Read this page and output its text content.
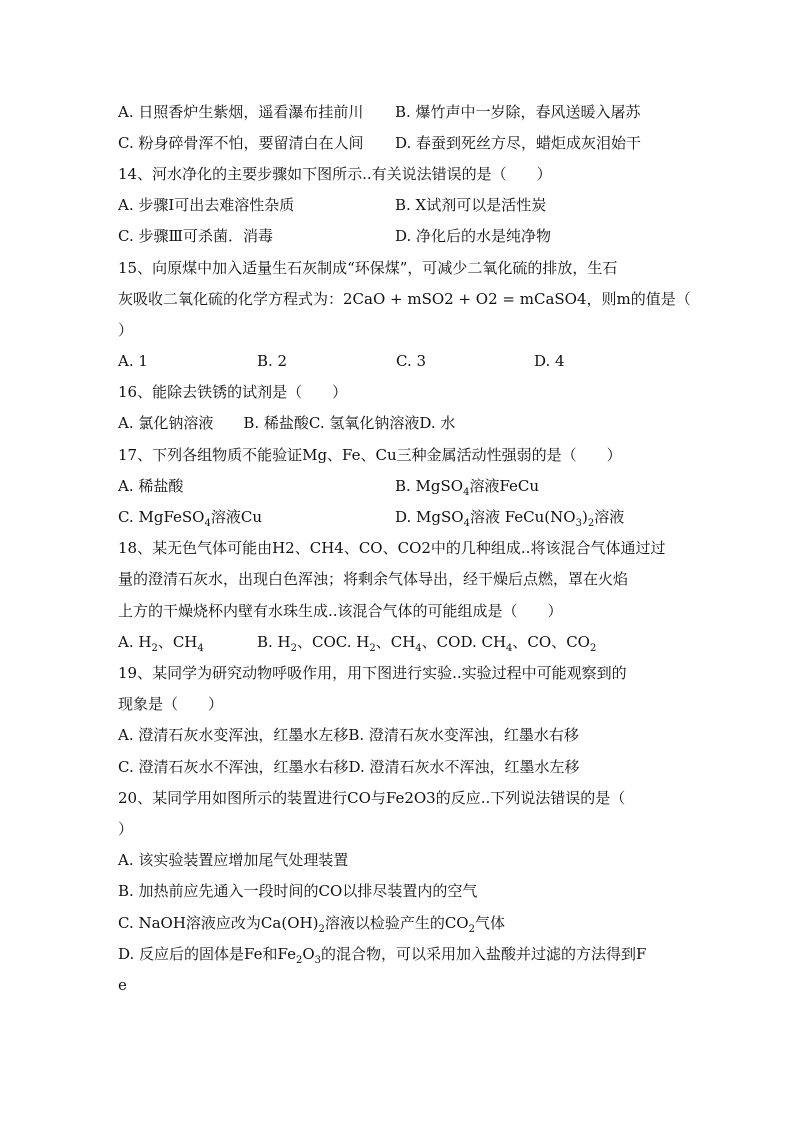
A. 日照香炉生紫烟，遥看瀑布挂前川 B. 爆竹声中一岁除，春风送暖入屠苏
C. 粉身碎骨浑不怕，要留清白在人间 D. 春蚕到死丝方尽，蜡炬成灰泪始干
14、河水净化的主要步骤如下图所示..有关说法错误的是（　　）
A. 步骤Ⅰ可出去难溶性杂质	B. X试剂可以是活性炭
C. 步骤Ⅲ可杀菌．消毒	D. 净化后的水是纯净物
15、向原煤中加入适量生石灰制成“环保煤”，可减少二氧化硫的排放，生石
灰吸收二氧化硫的化学方程式为：2CaO + mSO2 + O2 = mCaSO4，则m的值是（
）
A. 1	B. 2	C. 3	D. 4
16、能除去铁锈的试剂是（　　）
A. 氯化钠溶液　　B. 稀盐酸C. 氢氧化钠溶液D. 水
17、下列各组物质不能验证Mg、Fe、Cu三种金属活动性强弱的是（　　）
A. 稀盐酸	B. MgSO$_4$溶液FeCu
C. MgFeSO$_4$溶液Cu	D. MgSO$_4$溶液 $FeCu(NO_3)_2$溶液
18、某无色气体可能由H2、CH4、CO、CO2中的几种组成..将该混合气体通过过
量的澄清石灰水，出现白色浑浊；将剩余气体导出，经干燥后点燃，罩在火焰
上方的干燥烧杯内壁有水珠生成..该混合气体的可能组成是（　　）
A. $H_2$、$CH_4$	B. $H_2$、COC. $H_2$、$CH_4$、COD. $CH_4$、CO、$CO_2$
19、某同学为研究动物呼吸作用，用下图进行实验..实验过程中可能观察到的
现象是（　　）
A. 澄清石灰水变浑浊，红墨水左移B. 澄清石灰水变浑浊，红墨水右移
C. 澄清石灰水不浑浊，红墨水右移D. 澄清石灰水不浑浊，红墨水左移
20、某同学用如图所示的装置进行CO与Fe2O3的反应..下列说法错误的是（
）
A. 该实验装置应增加尾气处理装置
B. 加热前应先通入一段时间的CO以排尽装置内的空气
C. NaOH溶液应改为$Ca(OH)_2$溶液以检验产生的$CO_2$气体
D. 反应后的固体是Fe和$Fe_2O_3$的混合物，可以采用加入盐酸并过滤的方法得到F
e
